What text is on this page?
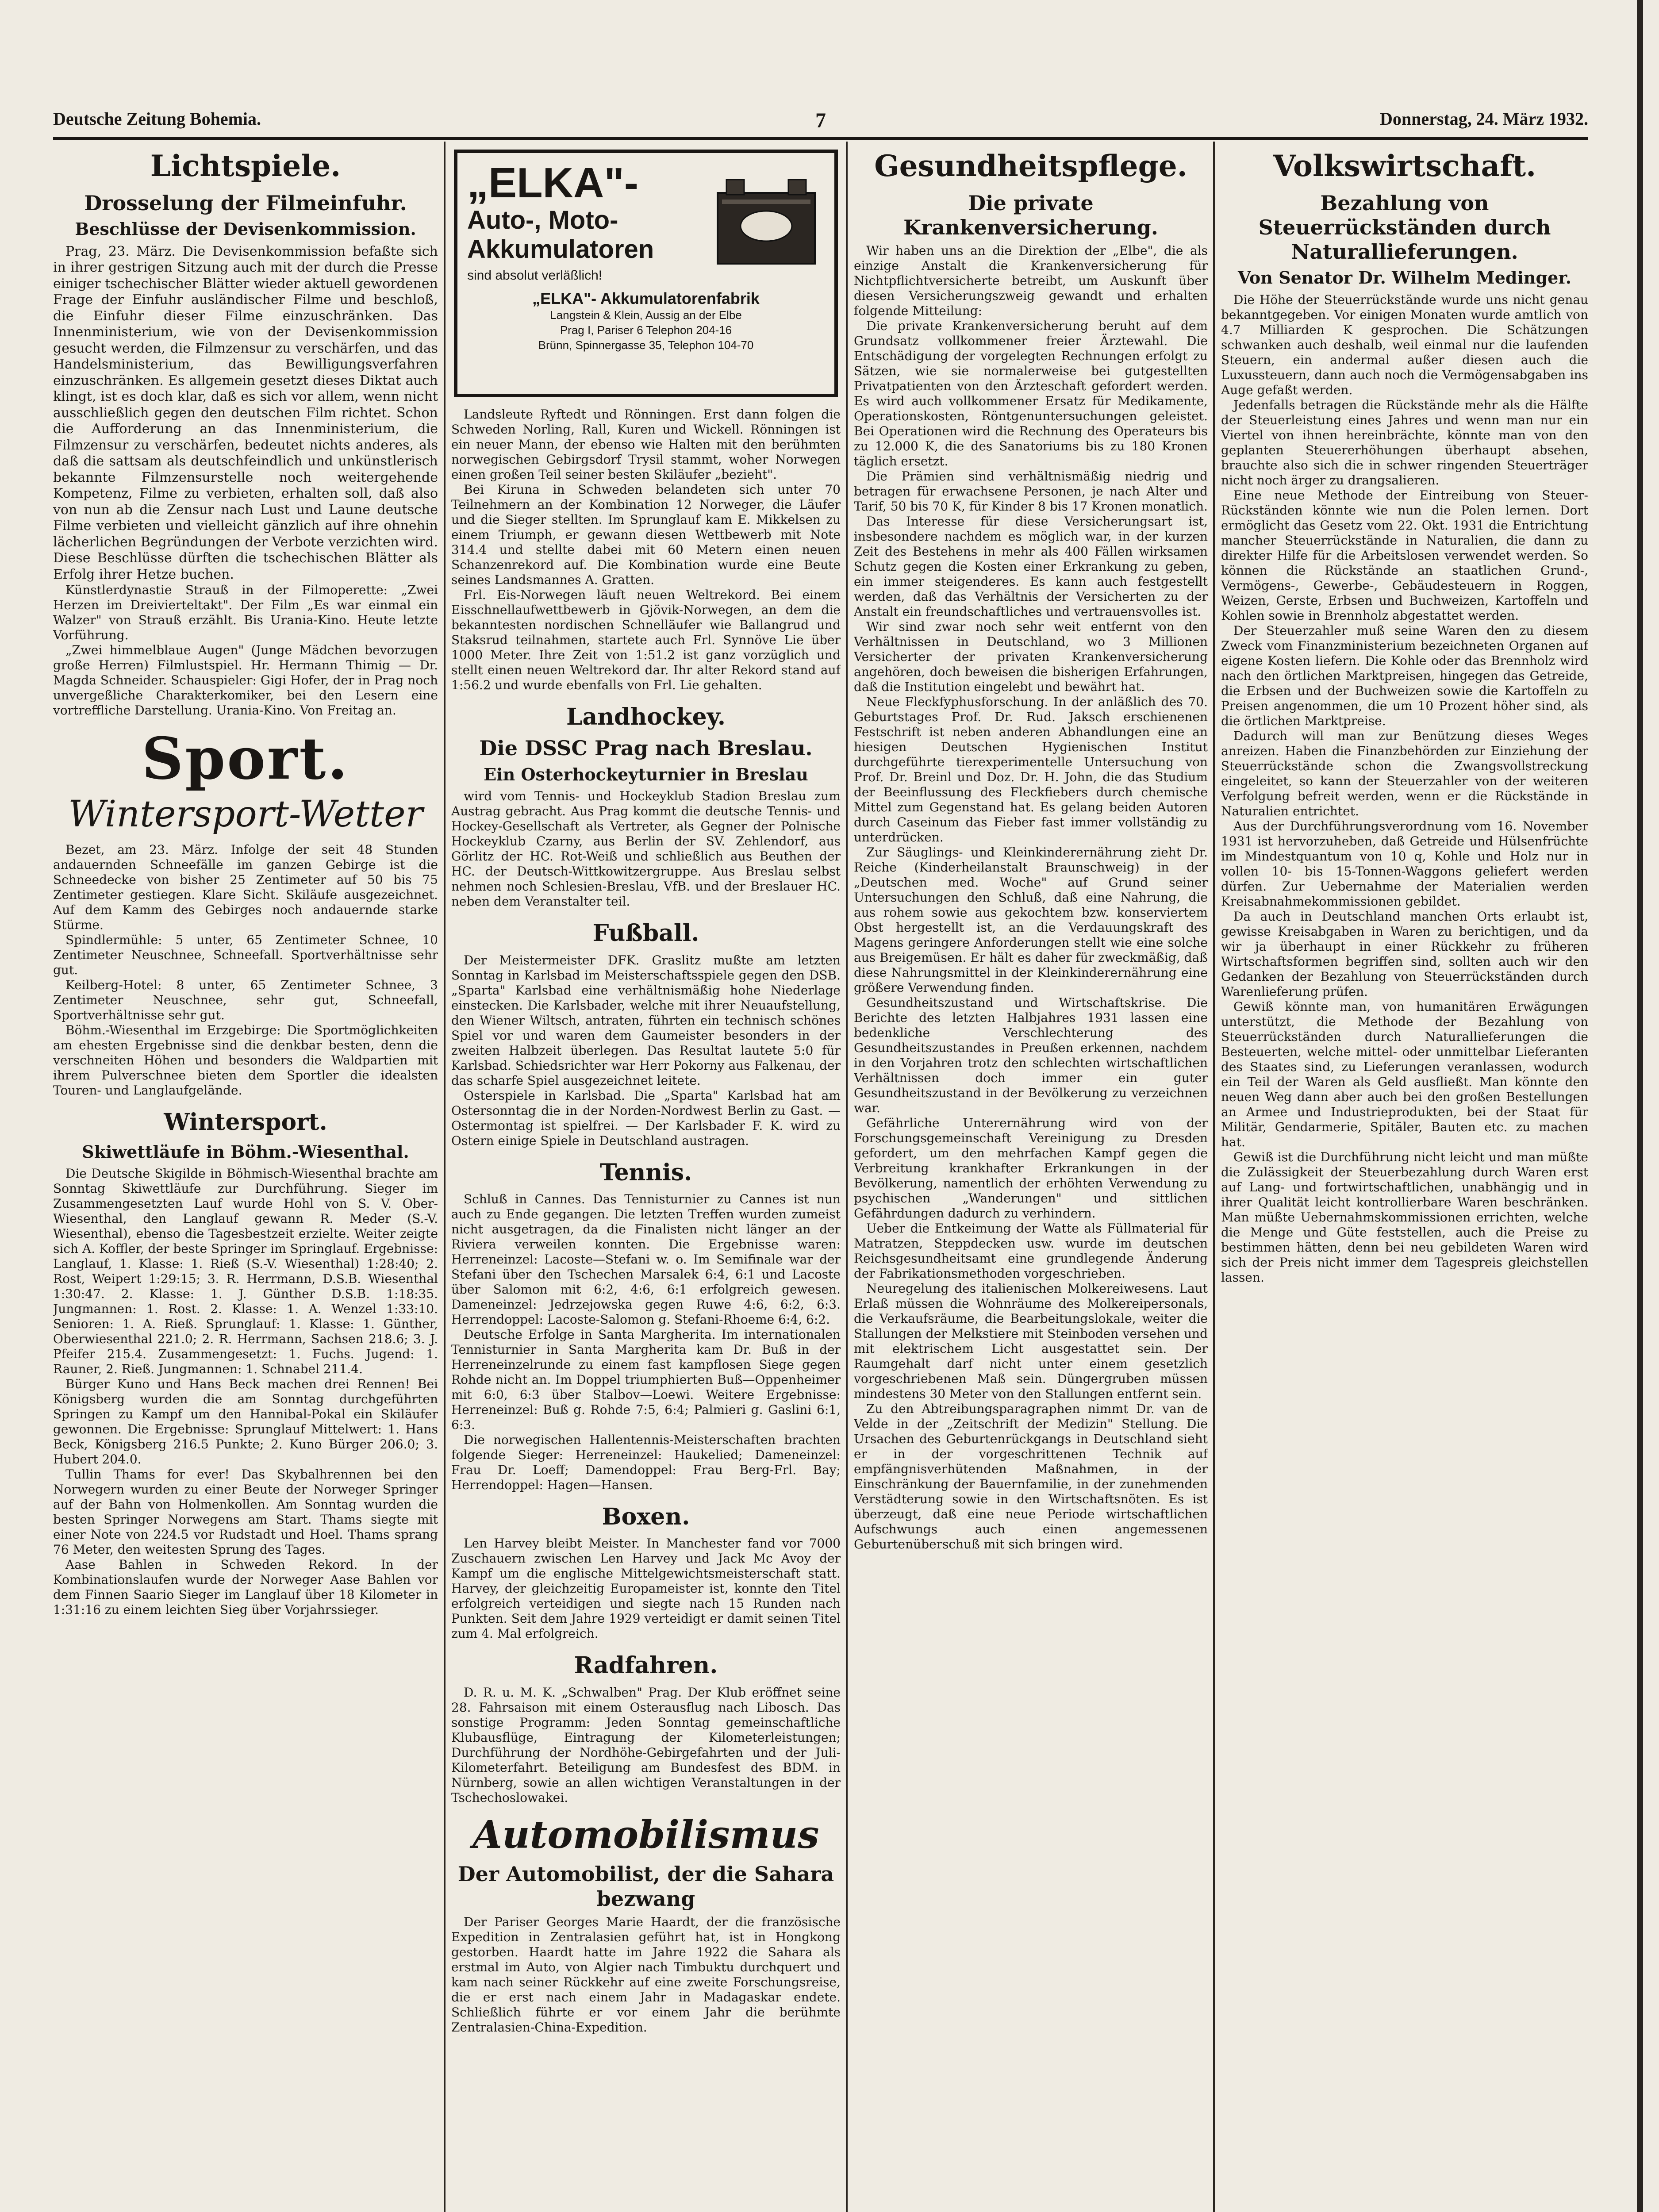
Deutsche Zeitung Bohemia.	7	Donnerstag, 24. März 1932.
Lichtspiele.
Drosselung der Filmeinfuhr.
Beschlüsse der Devisenkommission.

Prag, 23. März. Die Devisenkommission befaßte sich in ihrer gestrigen Sitzung auch mit der durch die Presse einiger tschechischer Blätter wieder aktuell gewordenen Frage der Einfuhr ausländischer Filme und beschloß, die Einfuhr dieser Filme einzuschränken. Das Innenministerium, wie von der Devisenkommission gesucht werden, die Filmzensur zu verschärfen, und das Handelsministerium, das Bewilligungsverfahren einzuschränken. Es allgemein gesetzt dieses Diktat auch klingt, ist es doch klar, daß es sich vor allem, wenn nicht ausschließlich gegen den deutschen Film richtet. Schon die Aufforderung an das Innenministerium, die Filmzensur zu verschärfen, bedeutet nichts anderes, als daß die sattsam als deutschfeindlich und unkünstlerisch bekannte Filmzensurstelle noch weitergehende Kompetenz, Filme zu verbieten, erhalten soll, daß also von nun ab die Zensur nach Lust und Laune deutsche Filme verbieten und vielleicht gänzlich auf ihre ohnehin lächerlichen Begründungen der Verbote verzichten wird. Diese Beschlüsse dürften die tschechischen Blätter als Erfolg ihrer Hetze buchen.

Künstlerdynastie Strauß in der Filmoperette: „Zwei Herzen im Dreivierteltakt". Der Film „Es war einmal ein Walzer" von Strauß erzählt. Bis Urania-Kino. Heute letzte Vorführung.

„Zwei himmelblaue Augen" (Junge Mädchen bevorzugen große Herren) Filmlustspiel. Hr. Hermann Thimig — Dr. Magda Schneider. Schauspieler: Gigi Hofer, der in Prag noch unvergeßliche Charakterkomiker, bei den Lesern eine vortreffliche Darstellung. Urania-Kino. Von Freitag an.

Sport.
Wintersport-Wetter

Bezet, am 23. März. Infolge der seit 48 Stunden andauernden Schneefälle im ganzen Gebirge ist die Schneedecke von bisher 25 Zentimeter auf 50 bis 75 Zentimeter gestiegen. Klare Sicht. Skiläufe ausgezeichnet. Auf dem Kamm des Gebirges noch andauernde starke Stürme.

Spindlermühle: 5 unter, 65 Zentimeter Schnee, 10 Zentimeter Neuschnee, Schneefall. Sportverhältnisse sehr gut.

Keilberg-Hotel: 8 unter, 65 Zentimeter Schnee, 3 Zentimeter Neuschnee, sehr gut, Schneefall, Sportverhältnisse sehr gut.

Böhm.-Wiesenthal im Erzgebirge: Die Sportmöglichkeiten am ehesten Ergebnisse sind die denkbar besten, denn die verschneiten Höhen und besonders die Waldpartien mit ihrem Pulverschnee bieten dem Sportler die idealsten Touren- und Langlaufgelände.

Wintersport.
Skiwettläufe in Böhm.-Wiesenthal.

Die Deutsche Skigilde in Böhmisch-Wiesenthal brachte am Sonntag Skiwettläufe zur Durchführung. Sieger im Zusammengesetzten Lauf wurde Hohl von S. V. Ober-Wiesenthal, den Langlauf gewann R. Meder (S.-V. Wiesenthal), ebenso die Tagesbestzeit erzielte. Weiter zeigte sich A. Koffler, der beste Springer im Springlauf. Ergebnisse: Langlauf, 1. Klasse: 1. Rieß (S.-V. Wiesenthal) 1:28:40; 2. Rost, Weipert 1:29:15; 3. R. Herrmann, D.S.B. Wiesenthal 1:30:47. 2. Klasse: 1. J. Günther D.S.B. 1:18:35. Jungmannen: 1. Rost. 2. Klasse: 1. A. Wenzel 1:33:10. Senioren: 1. A. Rieß. Sprunglauf: 1. Klasse: 1. Günther, Oberwiesenthal 221.0; 2. R. Herrmann, Sachsen 218.6; 3. J. Pfeifer 215.4. Zusammengesetzt: 1. Fuchs. Jugend: 1. Rauner, 2. Rieß. Jungmannen: 1. Schnabel 211.4.

Bürger Kuno und Hans Beck machen drei Rennen! Bei Königsberg wurden die am Sonntag durchgeführten Springen zu Kampf um den Hannibal-Pokal ein Skiläufer gewonnen. Die Ergebnisse: Sprunglauf Mittelwert: 1. Hans Beck, Königsberg 216.5 Punkte; 2. Kuno Bürger 206.0; 3. Hubert 204.0.

Tullin Thams for ever! Das Skybalhrennen bei den Norwegern wurden zu einer Beute der Norweger Springer auf der Bahn von Holmenkollen. Am Sonntag wurden die besten Springer Norwegens am Start. Thams siegte mit einer Note von 224.5 vor Rudstadt und Hoel. Thams sprang 76 Meter, den weitesten Sprung des Tages.

Aase Bahlen in Schweden Rekord. In der Kombinationslaufen wurde der Norweger Aase Bahlen vor dem Finnen Saario Sieger im Langlauf über 18 Kilometer in 1:31:16 zu einem leichten Sieg über Vorjahrssieger.

„ELKA"-
Auto-, Moto-
Akkumulatoren
sind absolut verläßlich!
„ELKA"- Akkumulatorenfabrik
Langstein & Klein, Aussig an der Elbe
Prag I, Pariser 6 Telephon 204-16
Brünn, Spinnergasse 35, Telephon 104-70

Landsleute Ryftedt und Rönningen. Erst dann folgen die Schweden Norling, Rall, Kuren und Wickell. Rönningen ist ein neuer Mann, der ebenso wie Halten mit den berühmten norwegischen Gebirgsdorf Trysil stammt, woher Norwegen einen großen Teil seiner besten Skiläufer „bezieht".

Bei Kiruna in Schweden belandeten sich unter 70 Teilnehmern an der Kombination 12 Norweger, die Läufer und die Sieger stellten. Im Sprunglauf kam E. Mikkelsen zu einem Triumph, er gewann diesen Wettbewerb mit Note 314.4 und stellte dabei mit 60 Metern einen neuen Schanzenrekord auf. Die Kombination wurde eine Beute seines Landsmannes A. Gratten.

Frl. Eis-Norwegen läuft neuen Weltrekord. Bei einem Eisschnellaufwettbewerb in Gjövik-Norwegen, an dem die bekanntesten nordischen Schnelläufer wie Ballangrud und Staksrud teilnahmen, startete auch Frl. Synnöve Lie über 1000 Meter. Ihre Zeit von 1:51.2 ist ganz vorzüglich und stellt einen neuen Weltrekord dar. Ihr alter Rekord stand auf 1:56.2 und wurde ebenfalls von Frl. Lie gehalten.

Landhockey.
Die DSSC Prag nach Breslau.
Ein Osterhockeyturnier in Breslau

wird vom Tennis- und Hockeyklub Stadion Breslau zum Austrag gebracht. Aus Prag kommt die deutsche Tennis- und Hockey-Gesellschaft als Vertreter, als Gegner der Polnische Hockeyklub Czarny, aus Berlin der SV. Zehlendorf, aus Görlitz der HC. Rot-Weiß und schließlich aus Beuthen der HC. der Deutsch-Wittkowitzergruppe. Aus Breslau selbst nehmen noch Schlesien-Breslau, VfB. und der Breslauer HC. neben dem Veranstalter teil.

Fußball.

Der Meistermeister DFK. Graslitz mußte am letzten Sonntag in Karlsbad im Meisterschaftsspiele gegen den DSB. „Sparta" Karlsbad eine verhältnismäßig hohe Niederlage einstecken. Die Karlsbader, welche mit ihrer Neuaufstellung, den Wiener Wiltsch, antraten, führten ein technisch schönes Spiel vor und waren dem Gaumeister besonders in der zweiten Halbzeit überlegen. Das Resultat lautete 5:0 für Karlsbad. Schiedsrichter war Herr Pokorny aus Falkenau, der das scharfe Spiel ausgezeichnet leitete.

Osterspiele in Karlsbad. Die „Sparta" Karlsbad hat am Ostersonntag die in der Norden-Nordwest Berlin zu Gast. — Ostermontag ist spielfrei. — Der Karlsbader F. K. wird zu Ostern einige Spiele in Deutschland austragen.

Tennis.

Schluß in Cannes. Das Tennisturnier zu Cannes ist nun auch zu Ende gegangen. Die letzten Treffen wurden zumeist nicht ausgetragen, da die Finalisten nicht länger an der Riviera verweilen konnten. Die Ergebnisse waren: Herreneinzel: Lacoste—Stefani w. o. Im Semifinale war der Stefani über den Tschechen Marsalek 6:4, 6:1 und Lacoste über Salomon mit 6:2, 4:6, 6:1 erfolgreich gewesen. Dameneinzel: Jedrzejowska gegen Ruwe 4:6, 6:2, 6:3. Herrendoppel: Lacoste-Salomon g. Stefani-Rhoeme 6:4, 6:2.

Deutsche Erfolge in Santa Margherita. Im internationalen Tennisturnier in Santa Margherita kam Dr. Buß in der Herreneinzelrunde zu einem fast kampflosen Siege gegen Rohde nicht an. Im Doppel triumphierten Buß—Oppenheimer mit 6:0, 6:3 über Stalbov—Loewi. Weitere Ergebnisse: Herreneinzel: Buß g. Rohde 7:5, 6:4; Palmieri g. Gaslini 6:1, 6:3.

Die norwegischen Hallentennis-Meisterschaften brachten folgende Sieger: Herreneinzel: Haukelied; Dameneinzel: Frau Dr. Loeff; Damendoppel: Frau Berg-Frl. Bay; Herrendoppel: Hagen—Hansen.

Boxen.

Len Harvey bleibt Meister. In Manchester fand vor 7000 Zuschauern zwischen Len Harvey und Jack Mc Avoy der Kampf um die englische Mittelgewichtsmeisterschaft statt. Harvey, der gleichzeitig Europameister ist, konnte den Titel erfolgreich verteidigen und siegte nach 15 Runden nach Punkten. Seit dem Jahre 1929 verteidigt er damit seinen Titel zum 4. Mal erfolgreich.

Radfahren.

D. R. u. M. K. „Schwalben" Prag. Der Klub eröffnet seine 28. Fahrsaison mit einem Osterausflug nach Libosch. Das sonstige Programm: Jeden Sonntag gemeinschaftliche Klubausflüge, Eintragung der Kilometerleistungen; Durchführung der Nordhöhe-Gebirgefahrten und der Juli-Kilometerfahrt. Beteiligung am Bundesfest des BDM. in Nürnberg, sowie an allen wichtigen Veranstaltungen in der Tschechoslowakei.

Automobilismus
Der Automobilist, der die Sahara bezwang

Der Pariser Georges Marie Haardt, der die französische Expedition in Zentralasien geführt hat, ist in Hongkong gestorben. Haardt hatte im Jahre 1922 die Sahara als erstmal im Auto, von Algier nach Timbuktu durchquert und kam nach seiner Rückkehr auf eine zweite Forschungsreise, die er erst nach einem Jahr in Madagaskar endete. Schließlich führte er vor einem Jahr die berühmte Zentralasien-China-Expedition.

Gesundheitspflege.
Die private Krankenversicherung.

Wir haben uns an die Direktion der „Elbe", die als einzige Anstalt die Krankenversicherung für Nichtpflichtversicherte betreibt, um Auskunft über diesen Versicherungszweig gewandt und erhalten folgende Mitteilung:

Die private Krankenversicherung beruht auf dem Grundsatz vollkommener freier Ärztewahl. Die Entschädigung der vorgelegten Rechnungen erfolgt zu Sätzen, wie sie normalerweise bei gutgestellten Privatpatienten von den Ärzteschaft gefordert werden. Es wird auch vollkommener Ersatz für Medikamente, Operationskosten, Röntgenuntersuchungen geleistet. Bei Operationen wird die Rechnung des Operateurs bis zu 12.000 K, die des Sanatoriums bis zu 180 Kronen täglich ersetzt.

Die Prämien sind verhältnismäßig niedrig und betragen für erwachsene Personen, je nach Alter und Tarif, 50 bis 70 K, für Kinder 8 bis 17 Kronen monatlich.

Das Interesse für diese Versicherungsart ist, insbesondere nachdem es möglich war, in der kurzen Zeit des Bestehens in mehr als 400 Fällen wirksamen Schutz gegen die Kosten einer Erkrankung zu geben, ein immer steigenderes. Es kann auch festgestellt werden, daß das Verhältnis der Versicherten zu der Anstalt ein freundschaftliches und vertrauensvolles ist.

Wir sind zwar noch sehr weit entfernt von den Verhältnissen in Deutschland, wo 3 Millionen Versicherter der privaten Krankenversicherung angehören, doch beweisen die bisherigen Erfahrungen, daß die Institution eingelebt und bewährt hat.

Neue Fleckfyphusforschung. In der anläßlich des 70. Geburtstages Prof. Dr. Rud. Jaksch erschienenen Festschrift ist neben anderen Abhandlungen eine an hiesigen Deutschen Hygienischen Institut durchgeführte tierexperimentelle Untersuchung von Prof. Dr. Breinl und Doz. Dr. H. John, die das Studium der Beeinflussung des Fleckfiebers durch chemische Mittel zum Gegenstand hat. Es gelang beiden Autoren durch Caseinum das Fieber fast immer vollständig zu unterdrücken.

Zur Säuglings- und Kleinkinderernährung zieht Dr. Reiche (Kinderheilanstalt Braunschweig) in der „Deutschen med. Woche" auf Grund seiner Untersuchungen den Schluß, daß eine Nahrung, die aus rohem sowie aus gekochtem bzw. konserviertem Obst hergestellt ist, an die Verdauungskraft des Magens geringere Anforderungen stellt wie eine solche aus Breigemüsen. Er hält es daher für zweckmäßig, daß diese Nahrungsmittel in der Kleinkinderernährung eine größere Verwendung finden.

Gesundheitszustand und Wirtschaftskrise. Die Berichte des letzten Halbjahres 1931 lassen eine bedenkliche Verschlechterung des Gesundheitszustandes in Preußen erkennen, nachdem in den Vorjahren trotz den schlechten wirtschaftlichen Verhältnissen doch immer ein guter Gesundheitszustand in der Bevölkerung zu verzeichnen war.

Gefährliche Unterernährung wird von der Forschungsgemeinschaft Vereinigung zu Dresden gefordert, um den mehrfachen Kampf gegen die Verbreitung krankhafter Erkrankungen in der Bevölkerung, namentlich der erhöhten Verwendung zu psychischen „Wanderungen" und sittlichen Gefährdungen dadurch zu verhindern.

Ueber die Entkeimung der Watte als Füllmaterial für Matratzen, Steppdecken usw. wurde im deutschen Reichsgesundheitsamt eine grundlegende Änderung der Fabrikationsmethoden vorgeschrieben.

Neuregelung des italienischen Molkereiwesens. Laut Erlaß müssen die Wohnräume des Molkereipersonals, die Verkaufsräume, die Bearbeitungslokale, weiter die Stallungen der Melkstiere mit Steinboden versehen und mit elektrischem Licht ausgestattet sein. Der Raumgehalt darf nicht unter einem gesetzlich vorgeschriebenen Maß sein. Düngergruben müssen mindestens 30 Meter von den Stallungen entfernt sein.

Zu den Abtreibungsparagraphen nimmt Dr. van de Velde in der „Zeitschrift der Medizin" Stellung. Die Ursachen des Geburtenrückgangs in Deutschland sieht er in der vorgeschrittenen Technik auf empfängnisverhütenden Maßnahmen, in der Einschränkung der Bauernfamilie, in der zunehmenden Verstädterung sowie in den Wirtschaftsnöten. Es ist überzeugt, daß eine neue Periode wirtschaftlichen Aufschwungs auch einen angemessenen Geburtenüberschuß mit sich bringen wird.

Volkswirtschaft.
Bezahlung von Steuerrückständen durch Naturallieferungen.
Von Senator Dr. Wilhelm Medinger.

Die Höhe der Steuerrückstände wurde uns nicht genau bekanntgegeben. Vor einigen Monaten wurde amtlich von 4.7 Milliarden K gesprochen. Die Schätzungen schwanken auch deshalb, weil einmal nur die laufenden Steuern, ein andermal außer diesen auch die Luxussteuern, dann auch noch die Vermögensabgaben ins Auge gefaßt werden.

Jedenfalls betragen die Rückstände mehr als die Hälfte der Steuerleistung eines Jahres und wenn man nur ein Viertel von ihnen hereinbrächte, könnte man von den geplanten Steuererhöhungen überhaupt absehen, brauchte also sich die in schwer ringenden Steuerträger nicht noch ärger zu drangsalieren.

Eine neue Methode der Eintreibung von Steuer-Rückständen könnte wie nun die Polen lernen. Dort ermöglicht das Gesetz vom 22. Okt. 1931 die Entrichtung mancher Steuerrückstände in Naturalien, die dann zu direkter Hilfe für die Arbeitslosen verwendet werden. So können die Rückstände an staatlichen Grund-, Vermögens-, Gewerbe-, Gebäudesteuern in Roggen, Weizen, Gerste, Erbsen und Buchweizen, Kartoffeln und Kohlen sowie in Brennholz abgestattet werden.

Der Steuerzahler muß seine Waren den zu diesem Zweck vom Finanzministerium bezeichneten Organen auf eigene Kosten liefern. Die Kohle oder das Brennholz wird nach den örtlichen Marktpreisen, hingegen das Getreide, die Erbsen und der Buchweizen sowie die Kartoffeln zu Preisen angenommen, die um 10 Prozent höher sind, als die örtlichen Marktpreise.

Dadurch will man zur Benützung dieses Weges anreizen. Haben die Finanzbehörden zur Einziehung der Steuerrückstände schon die Zwangsvollstreckung eingeleitet, so kann der Steuerzahler von der weiteren Verfolgung befreit werden, wenn er die Rückstände in Naturalien entrichtet.

Aus der Durchführungsverordnung vom 16. November 1931 ist hervorzuheben, daß Getreide und Hülsenfrüchte im Mindestquantum von 10 q, Kohle und Holz nur in vollen 10- bis 15-Tonnen-Waggons geliefert werden dürfen. Zur Uebernahme der Materialien werden Kreisabnahmekommissionen gebildet.

Da auch in Deutschland manchen Orts erlaubt ist, gewisse Kreisabgaben in Waren zu berichtigen, und da wir ja überhaupt in einer Rückkehr zu früheren Wirtschaftsformen begriffen sind, sollten auch wir den Gedanken der Bezahlung von Steuerrückständen durch Warenlieferung prüfen.

Gewiß könnte man, von humanitären Erwägungen unterstützt, die Methode der Bezahlung von Steuerrückständen durch Naturallieferungen die Besteuerten, welche mittel- oder unmittelbar Lieferanten des Staates sind, zu Lieferungen veranlassen, wodurch ein Teil der Waren als Geld ausfließt. Man könnte den neuen Weg dann aber auch bei den großen Bestellungen an Armee und Industrieprodukten, bei der Staat für Militär, Gendarmerie, Spitäler, Bauten etc. zu machen hat.

Gewiß ist die Durchführung nicht leicht und man müßte die Zulässigkeit der Steuerbezahlung durch Waren erst auf Lang- und fortwirtschaftlichen, unabhängig und in ihrer Qualität leicht kontrollierbare Waren beschränken. Man müßte Uebernahmskommissionen errichten, welche die Menge und Güte feststellen, auch die Preise zu bestimmen hätten, denn bei neu gebildeten Waren wird sich der Preis nicht immer dem Tagespreis gleichstellen lassen.
